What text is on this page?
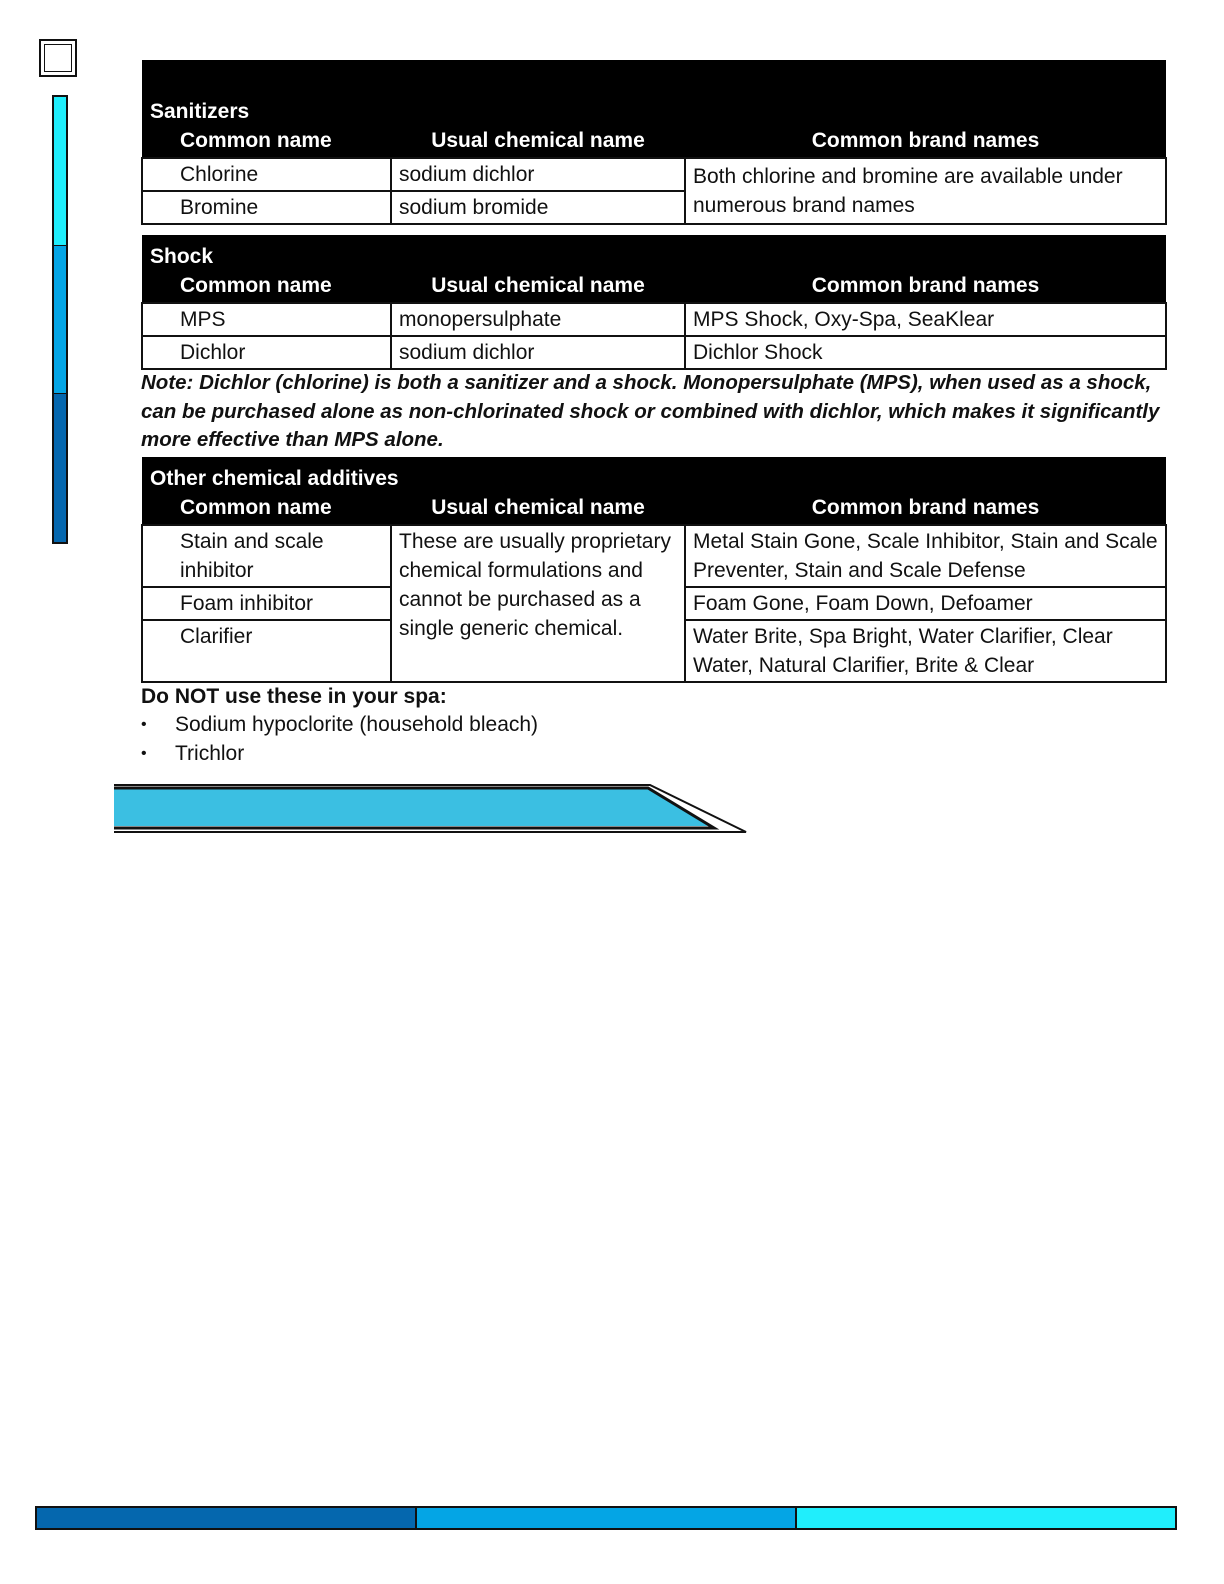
Sanitizers		
Common name	Usual chemical name	Common brand names
Chlorine	sodium dichlor	Both chlorine and bromine are available under numerous brand names
Bromine	sodium bromide	
Shock		
Common name	Usual chemical name	Common brand names
MPS	monopersulphate	MPS Shock, Oxy-Spa, SeaKlear
Dichlor	sodium dichlor	Dichlor Shock
Note: Dichlor (chlorine) is both a sanitizer and a shock. Monopersulphate (MPS), when used as a shock, can be purchased alone as non-chlorinated shock or combined with dichlor, which makes it significantly more effective than MPS alone.
Other chemical additives		
Common name	Usual chemical name	Common brand names
Stain and scale inhibitor	These are usually proprietary chemical formulations and cannot be purchased as a single generic chemical.	Metal Stain Gone, Scale Inhibitor, Stain and Scale Preventer, Stain and Scale Defense
Foam inhibitor		Foam Gone, Foam Down, Defoamer
Clarifier		Water Brite, Spa Bright, Water Clarifier, Clear Water, Natural Clarifier, Brite & Clear
Do NOT use these in your spa:
• Sodium hypoclorite (household bleach)
• Trichlor
